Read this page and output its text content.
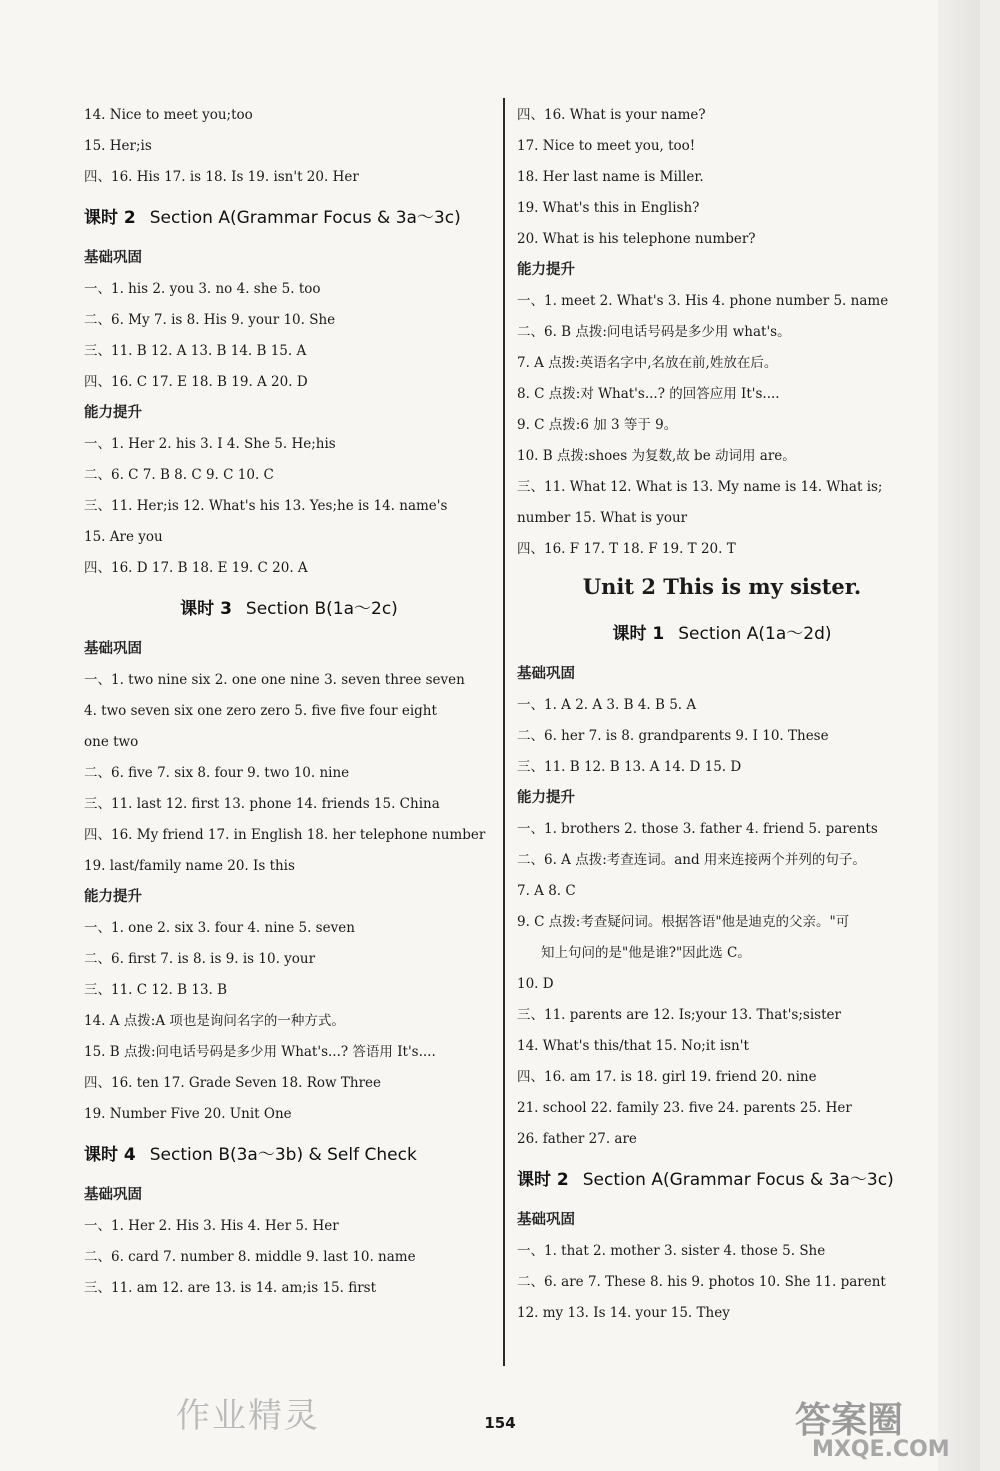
14. Nice to meet you;too
15. Her;is
四、16. His 17. is 18. Is 19. isn't 20. Her
课时 2 Section A(Grammar Focus & 3a～3c)
基础巩固
一、1. his 2. you 3. no 4. she 5. too
二、6. My 7. is 8. His 9. your 10. She
三、11. B 12. A 13. B 14. B 15. A
四、16. C 17. E 18. B 19. A 20. D
能力提升
一、1. Her 2. his 3. I 4. She 5. He;his
二、6. C 7. B 8. C 9. C 10. C
三、11. Her;is 12. What's his 13. Yes;he is 14. name's
15. Are you
四、16. D 17. B 18. E 19. C 20. A
课时 3 Section B(1a～2c)
基础巩固
一、1. two nine six 2. one one nine 3. seven three seven
4. two seven six one zero zero 5. five five four eight
one two
二、6. five 7. six 8. four 9. two 10. nine
三、11. last 12. first 13. phone 14. friends 15. China
四、16. My friend 17. in English 18. her telephone number
19. last/family name 20. Is this
能力提升
一、1. one 2. six 3. four 4. nine 5. seven
二、6. first 7. is 8. is 9. is 10. your
三、11. C 12. B 13. B
14. A 点拨:A 项也是询问名字的一种方式。
15. B 点拨:问电话号码是多少用 What's...? 答语用 It's....
四、16. ten 17. Grade Seven 18. Row Three
19. Number Five 20. Unit One
课时 4 Section B(3a～3b) & Self Check
基础巩固
一、1. Her 2. His 3. His 4. Her 5. Her
二、6. card 7. number 8. middle 9. last 10. name
三、11. am 12. are 13. is 14. am;is 15. first
四、16. What is your name?
17. Nice to meet you, too!
18. Her last name is Miller.
19. What's this in English?
20. What is his telephone number?
能力提升
一、1. meet 2. What's 3. His 4. phone number 5. name
二、6. B 点拨:问电话号码是多少用 what's。
7. A 点拨:英语名字中,名放在前,姓放在后。
8. C 点拨:对 What's...? 的回答应用 It's....
9. C 点拨:6 加 3 等于 9。
10. B 点拨:shoes 为复数,故 be 动词用 are。
三、11. What 12. What is 13. My name is 14. What is;
number 15. What is your
四、16. F 17. T 18. F 19. T 20. T
Unit 2 This is my sister.
课时 1 Section A(1a～2d)
基础巩固
一、1. A 2. A 3. B 4. B 5. A
二、6. her 7. is 8. grandparents 9. I 10. These
三、11. B 12. B 13. A 14. D 15. D
能力提升
一、1. brothers 2. those 3. father 4. friend 5. parents
二、6. A 点拨:考查连词。and 用来连接两个并列的句子。
7. A 8. C
9. C 点拨:考查疑问词。根据答语"他是迪克的父亲。"可
知上句问的是"他是谁?"因此选 C。
10. D
三、11. parents are 12. Is;your 13. That's;sister
14. What's this/that 15. No;it isn't
四、16. am 17. is 18. girl 19. friend 20. nine
21. school 22. family 23. five 24. parents 25. Her
26. father 27. are
课时 2 Section A(Grammar Focus & 3a～3c)
基础巩固
一、1. that 2. mother 3. sister 4. those 5. She
二、6. are 7. These 8. his 9. photos 10. She 11. parent
12. my 13. Is 14. your 15. They
154
作业精灵	答案圈
MXQE.COM
